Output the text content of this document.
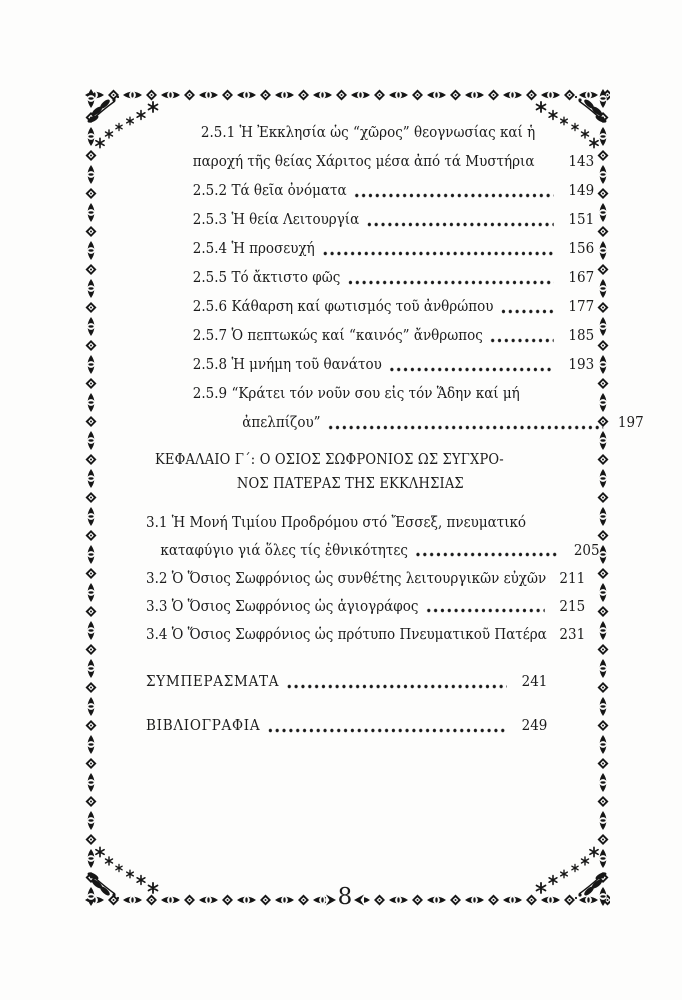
2.5.1 Ἡ Ἐκκλησία ὡς “χῶρος” θεογνωσίας καί ἡ
παροχή τῆς θείας Χάριτος μέσα ἀπό τά Μυστήρια	143
2.5.2 Τά θεῖα ὀνόματα	149
2.5.3 Ἡ θεία Λειτουργία	151
2.5.4 Ἡ προσευχή	156
2.5.5 Τό ἄκτιστο φῶς	167
2.5.6 Κάθαρση καί φωτισμός τοῦ ἀνθρώπου	177
2.5.7 Ὁ πεπτωκώς καί “καινός” ἄνθρωπος	185
2.5.8 Ἡ μνήμη τοῦ θανάτου	193
2.5.9 “Κράτει τόν νοῦν σου εἰς τόν Ἅδην καί μή
ἀπελπίζου”	197
ΚΕΦΑΛΑΙΟ Γ΄: Ο ΟΣΙΟΣ ΣΩΦΡΟΝΙΟΣ ΩΣ ΣΥΓΧΡΟ-
ΝΟΣ ΠΑΤΕΡΑΣ ΤΗΣ ΕΚΚΛΗΣΙΑΣ
3.1 Ἡ Μονή Τιμίου Προδρόμου στό Ἔσσεξ, πνευματικό
καταφύγιο γιά ὅλες τίς ἐθνικότητες	205
3.2 Ὁ Ὅσιος Σωφρόνιος ὡς συνθέτης λειτουργικῶν εὐχῶν 211
3.3 Ὁ Ὅσιος Σωφρόνιος ὡς ἁγιογράφος	215
3.4 Ὁ Ὅσιος Σωφρόνιος ὡς πρότυπο Πνευματικοῦ Πατέρα 231
ΣΥΜΠΕΡΑΣΜΑΤΑ	241
ΒΙΒΛΙΟΓΡΑΦΙΑ	249
8
